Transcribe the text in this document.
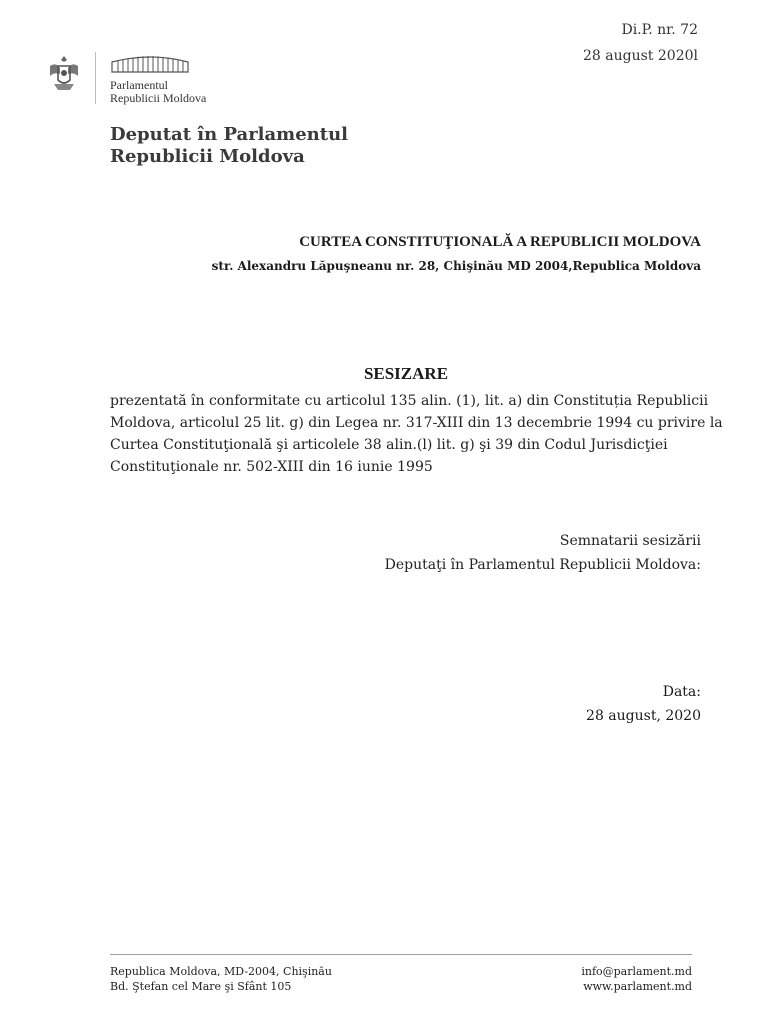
Di.P. nr. 72
28 august 2020l
Parlamentul
Republicii Moldova
Deputat în Parlamentul
Republicii Moldova
CURTEA CONSTITUŢIONALĂ A REPUBLICII MOLDOVA
str. Alexandru Lăpuşneanu nr. 28, Chişinău MD 2004,Republica Moldova
SESIZARE
prezentată în conformitate cu articolul 135 alin. (1), lit. a) din Constituția Republicii
Moldova, articolul 25 lit. g) din Legea nr. 317-XIII din 13 decembrie 1994 cu privire la
Curtea Constituţională şi articolele 38 alin.(l) lit. g) şi 39 din Codul Jurisdicţiei
Constituţionale nr. 502-XIII din 16 iunie 1995
Semnatarii sesizării
Deputaţi în Parlamentul Republicii Moldova:
Data:
28 august, 2020
Republica Moldova, MD-2004, Chişinău
Bd. Ştefan cel Mare şi Sfânt 105
info@parlament.md
www.parlament.md
